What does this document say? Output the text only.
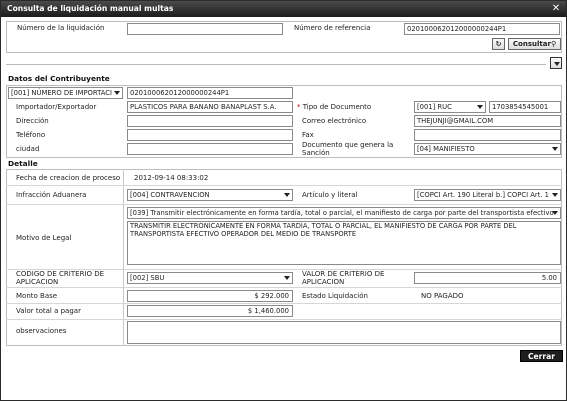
Consulta de liquidación manual multas	✕
Número de la liquidación	Número de referencia	020100062012000000244P1
↻	Consultar⚲
Datos del Contribuyente
[001] NÚMERO DE IMPORTACI	020100062012000000244P1
Importador/Exportador	PLASTICOS PARA BANANO BANAPLAST S.A.	* Tipo de Documento	[001] RUC	1703854545001
Dirección	Correo electrónico	THEJUNJI@GMAIL.COM
Teléfono	Fax
ciudad	Documento que genera la Sanción	[04] MANIFIESTO
Detalle
Fecha de creacion de proceso 2012-09-14 08:33:02
Infracción Aduanera	[004] CONTRAVENCION	Artículo y literal	[COPCI Art. 190 Literal b.] COPCI Art. 1
[039] Transmitir electrónicamente en forma tardía, total o parcial, el manifiesto de carga por parte del transportista efectivo
Motivo de Legal
TRANSMITIR ELECTRÓNICAMENTE EN FORMA TARDÍA, TOTAL O PARCIAL, EL MANIFIESTO DE CARGA POR PARTE DEL TRANSPORTISTA EFECTIVO OPERADOR DEL MEDIO DE TRANSPORTE
CODIGO DE CRITERIO DE APLICACION	[002] SBU	VALOR DE CRITERIO DE APLICACION	5.00
Monto Base	$ 292.000	Estado Liquidación	NO PAGADO
Valor total a pagar	$ 1,460.000
observaciones
Cerrar
